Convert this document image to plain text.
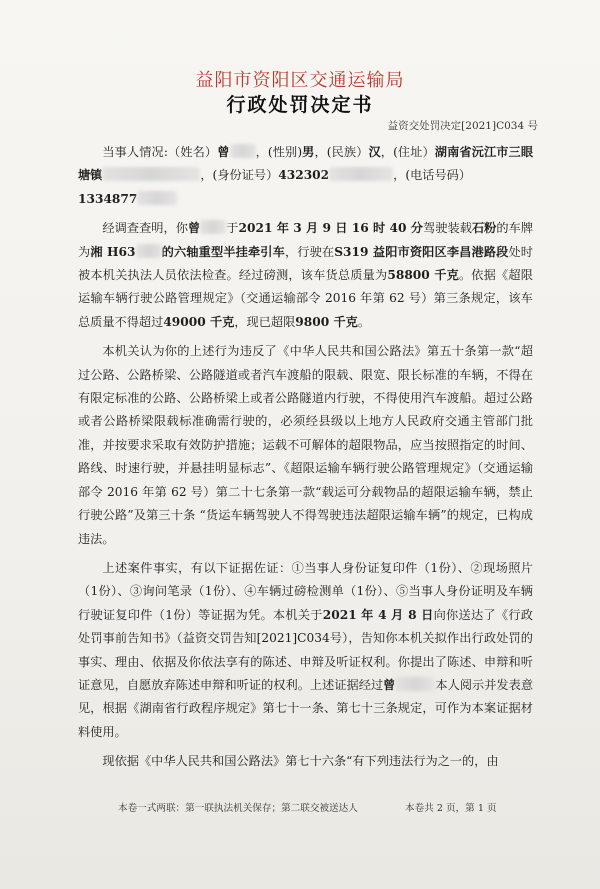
益阳市资阳区交通运输局
行政处罚决定书
益资交处罚决定[2021]C034 号

当事人情况:（姓名）曾 ，(性别)男，(民族）汉，(住址）湖南省沅江市三眼塘镇	，(身份证号）432302	，(电话号码）
1334877

经调查查明，你曾 于2021 年 3 月 9 日 16 时 40 分驾驶装载石粉的车牌为湘 H63 的六轴重型半挂牵引车，行驶在S319 益阳市资阳区李昌港路段处时被本机关执法人员依法检查。经过磅测，该车货总质量为58800 千克。依据《超限运输车辆行驶公路管理规定》（交通运输部令 2016 年第 62 号）第三条规定，该车总质量不得超过49000 千克，现已超限9800 千克。

本机关认为你的上述行为违反了《中华人民共和国公路法》第五十条第一款“超过公路、公路桥梁、公路隧道或者汽车渡船的限载、限宽、限长标准的车辆，不得在有限定标准的公路、公路桥梁上或者公路隧道内行驶，不得使用汽车渡船。超过公路或者公路桥梁限载标准确需行驶的，必须经县级以上地方人民政府交通主管部门批准，并按要求采取有效防护措施；运载不可解体的超限物品，应当按照指定的时间、路线、时速行驶，并悬挂明显标志”、《超限运输车辆行驶公路管理规定》（交通运输部令 2016 年第 62 号）第二十七条第一款“载运可分载物品的超限运输车辆，禁止行驶公路”及第三十条 “货运车辆驾驶人不得驾驶违法超限运输车辆”的规定，已构成违法。

上述案件事实，有以下证据佐证：①当事人身份证复印件（1份）、②现场照片（1份）、③询问笔录（1份）、④车辆过磅检测单（1份）、⑤当事人身份证明及车辆行驶证复印件（1份）等证据为凭。本机关于2021 年 4 月 8 日向你送达了《行政处罚事前告知书》（益资交罚告知[2021]C034号），告知你本机关拟作出行政处罚的事实、理由、依据及你依法享有的陈述、申辩及听证权利。你提出了陈述、申辩和听证意见，自愿放弃陈述申辩和听证的权利。上述证据经过曾	本人阅示并发表意见，根据《湖南省行政程序规定》第七十一条、第七十三条规定，可作为本案证据材料使用。

现依据《中华人民共和国公路法》第七十六条“有下列违法行为之一的，由

本卷一式两联：第一联执法机关保存；第二联交被送达人	本卷共 2 页，第 1 页
